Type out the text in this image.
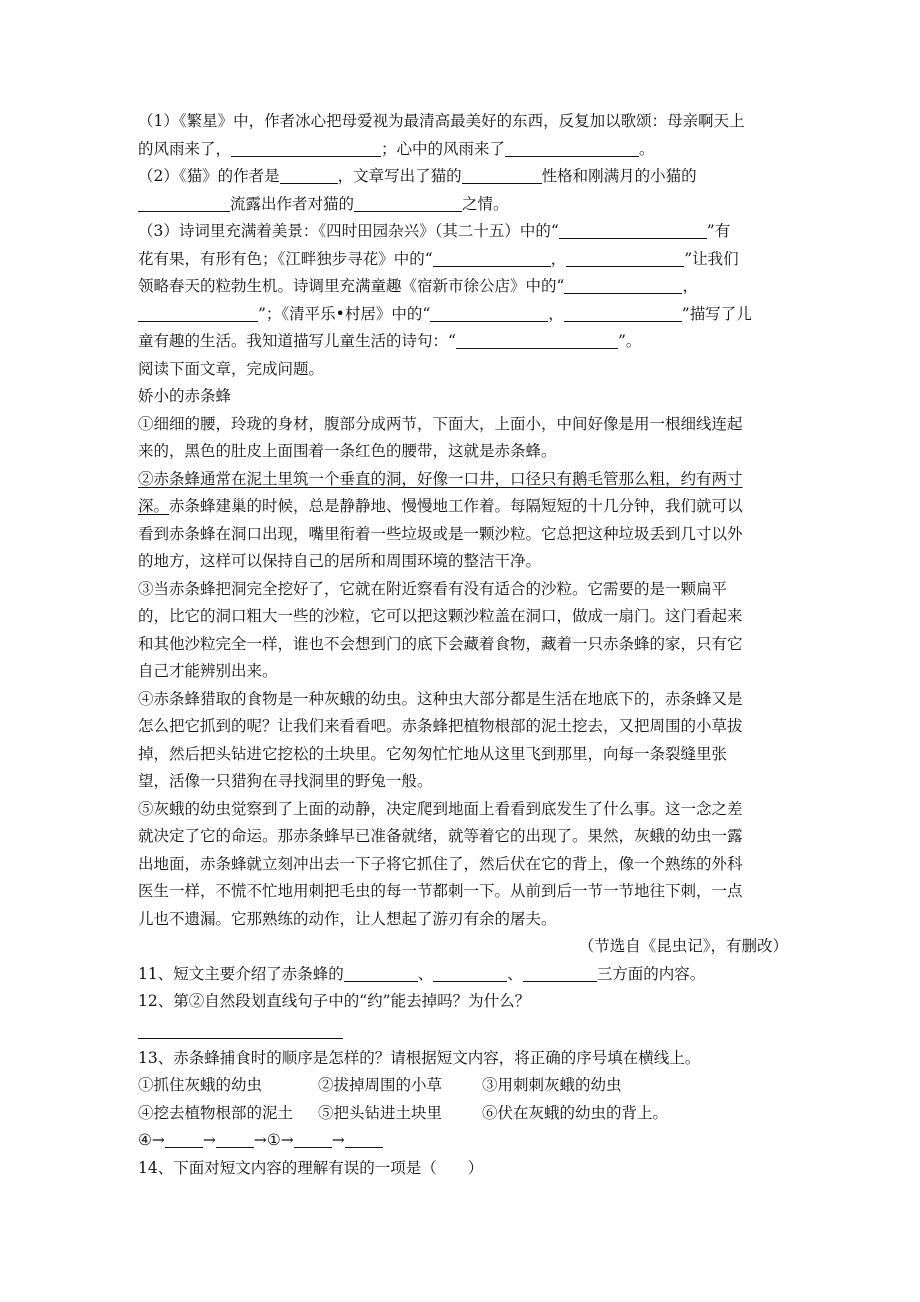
（1）《繁星》中，作者冰心把母爱视为最清高最美好的东西，反复加以歌颂：母亲啊天上
的风雨来了，	；心中的风雨来了	。
（2）《猫》的作者是	，文章写出了猫的	性格和刚满月的小猫的
流露出作者对猫的	之情。
（3）诗词里充满着美景：《四时田园杂兴》（其二十五）中的“	”有
花有果，有形有色；《江畔独步寻花》中的“	，	”让我们
领略春天的粒勃生机。诗调里充满童趣《宿新市徐公店》中的“	，
”；《清平乐•村居》中的“	，	”描写了儿
童有趣的生活。我知道描写儿童生活的诗句：“	”。
阅读下面文章，完成问题。
娇小的赤条蜂
①细细的腰，玲珑的身材，腹部分成两节，下面大，上面小，中间好像是用一根细线连起
来的，黑色的肚皮上面围着一条红色的腰带，这就是赤条蜂。
②赤条蜂通常在泥土里筑一个垂直的洞，好像一口井，口径只有鹅毛管那么粗，约有两寸
深。赤条蜂建巢的时候，总是静静地、慢慢地工作着。每隔短短的十几分钟，我们就可以
看到赤条蜂在洞口出现，嘴里衔着一些垃圾或是一颗沙粒。它总把这种垃圾丢到几寸以外
的地方，这样可以保持自己的居所和周围环境的整洁干净。
③当赤条蜂把洞完全挖好了，它就在附近察看有没有适合的沙粒。它需要的是一颗扁平
的，比它的洞口粗大一些的沙粒，它可以把这颗沙粒盖在洞口，做成一扇门。这门看起来
和其他沙粒完全一样，谁也不会想到门的底下会藏着食物，藏着一只赤条蜂的家，只有它
自己才能辨别出来。
④赤条蜂猎取的食物是一种灰蛾的幼虫。这种虫大部分都是生活在地底下的，赤条蜂又是
怎么把它抓到的呢？让我们来看看吧。赤条蜂把植物根部的泥土挖去，又把周围的小草拔
掉，然后把头钻进它挖松的土块里。它匆匆忙忙地从这里飞到那里，向每一条裂缝里张
望，活像一只猎狗在寻找洞里的野兔一般。
⑤灰蛾的幼虫觉察到了上面的动静，决定爬到地面上看看到底发生了什么事。这一念之差
就决定了它的命运。那赤条蜂早已准备就绪，就等着它的出现了。果然，灰蛾的幼虫一露
出地面，赤条蜂就立刻冲出去一下子将它抓住了，然后伏在它的背上，像一个熟练的外科
医生一样，不慌不忙地用刺把毛虫的每一节都刺一下。从前到后一节一节地往下刺，一点
儿也不遗漏。它那熟练的动作，让人想起了游刃有余的屠夫。
（节选自《昆虫记》，有删改）
11、短文主要介绍了赤条蜂的	、	、	三方面的内容。
12、第②自然段划直线句子中的“约”能去掉吗？为什么？
13、赤条蜂捕食时的顺序是怎样的？请根据短文内容，将正确的序号填在横线上。
①抓住灰蛾的幼虫	②拔掉周围的小草	③用刺刺灰蛾的幼虫
④挖去植物根部的泥土 ⑤把头钻进土块里	⑥伏在灰蛾的幼虫的背上。
④→ → →①→ →
14、下面对短文内容的理解有误的一项是（　　）
